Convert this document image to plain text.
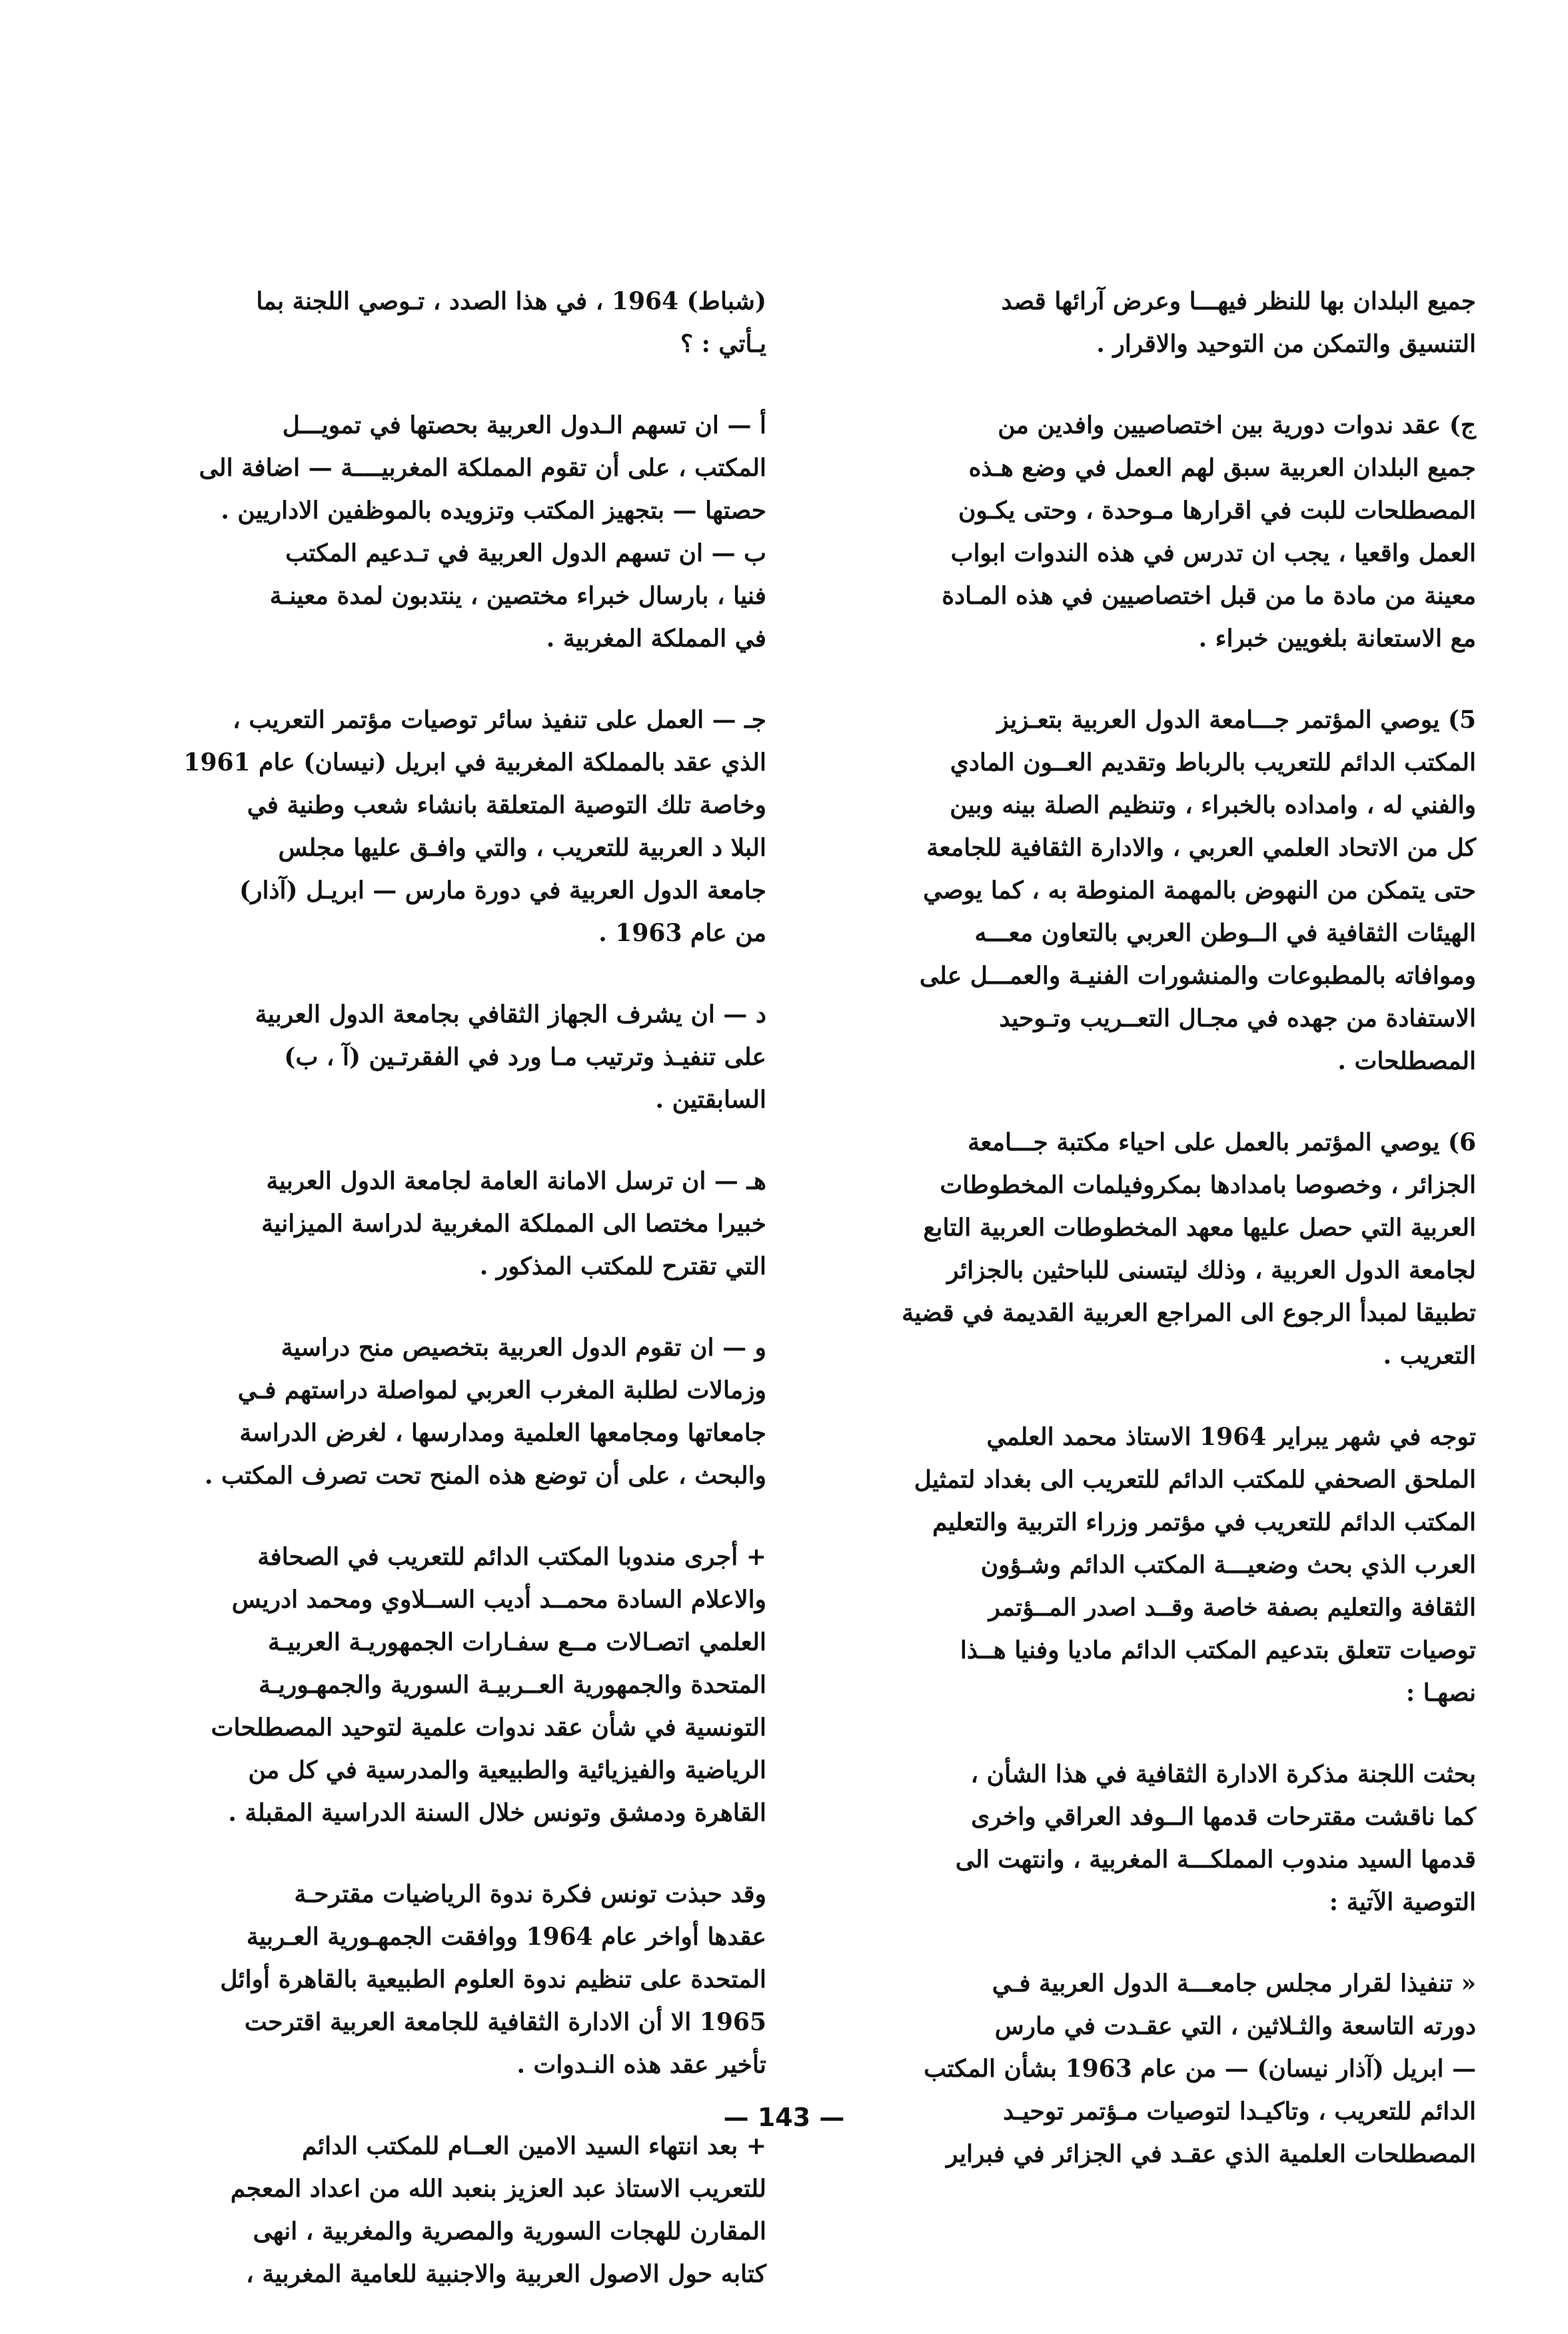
جميع البلدان بها للنظر فيهـــا وعرض آرائها قصد
التنسيق والتمكن من التوحيد والاقرار .

ج) عقد ندوات دورية بين اختصاصيين وافدين من
جميع البلدان العربية سبق لهم العمل في وضع هـذه
المصطلحات للبت في اقرارها مـوحدة ، وحتى يكـون
العمل واقعيا ، يجب ان تدرس في هذه الندوات ابواب
معينة من مادة ما من قبل اختصاصيين في هذه المـادة
مع الاستعانة بلغويين خبراء .

5) يوصي المؤتمر جـــامعة الدول العربية بتعـزيز
المكتب الدائم للتعريب بالرباط وتقديم العــون المادي
والفني له ، وامداده بالخبراء ، وتنظيم الصلة بينه وبين
كل من الاتحاد العلمي العربي ، والادارة الثقافية للجامعة
حتى يتمكن من النهوض بالمهمة المنوطة به ، كما يوصي
الهيئات الثقافية في الــوطن العربي بالتعاون معـــه
وموافاته بالمطبوعات والمنشورات الفنيـة والعمـــل على
الاستفادة من جهده في مجـال التعــريب وتـوحيد
المصطلحات .

6) يوصي المؤتمر بالعمل على احياء مكتبة جـــامعة
الجزائر ، وخصوصا بامدادها بمكروفيلمات المخطوطات
العربية التي حصل عليها معهد المخطوطات العربية التابع
لجامعة الدول العربية ، وذلك ليتسنى للباحثين بالجزائر
تطبيقا لمبدأ الرجوع الى المراجع العربية القديمة في قضية
التعريب .

توجه في شهر يبراير 1964 الاستاذ محمد العلمي
الملحق الصحفي للمكتب الدائم للتعريب الى بغداد لتمثيل
المكتب الدائم للتعريب في مؤتمر وزراء التربية والتعليم
العرب الذي بحث وضعيـــة المكتب الدائم وشـؤون
الثقافة والتعليم بصفة خاصة وقــد اصدر المــؤتمر
توصيات تتعلق بتدعيم المكتب الدائم ماديا وفنيا هــذا
نصهـا :

بحثت اللجنة مذكرة الادارة الثقافية في هذا الشأن ،
كما ناقشت مقترحات قدمها الــوفد العراقي واخرى
قدمها السيد مندوب المملكـــة المغربية ، وانتهت الى
التوصية الآتية :

« تنفيذا لقرار مجلس جامعـــة الدول العربية فـي
دورته التاسعة والثـلاثين ، التي عقـدت في مارس
— ابريل (آذار نيسان) — من عام 1963 بشأن المكتب
الدائم للتعريب ، وتاكيـدا لتوصيات مـؤتمر توحيـد
المصطلحات العلمية الذي عقـد في الجزائر في فبراير

(شباط) 1964 ، في هذا الصدد ، تـوصي اللجنة بما
يـأتي : ؟

أ — ان تسهم الـدول العربية بحصتها في تمويـــل
المكتب ، على أن تقوم المملكة المغربيــــة — اضافة الى
حصتها — بتجهيز المكتب وتزويده بالموظفين الاداريين .
ب — ان تسهم الدول العربية في تـدعيم المكتب
فنيا ، بارسال خبراء مختصين ، ينتدبون لمدة معينـة
في المملكة المغربية .

جـ — العمل على تنفيذ سائر توصيات مؤتمر التعريب ،
الذي عقد بالمملكة المغربية في ابريل (نيسان) عام 1961
وخاصة تلك التوصية المتعلقة بانشاء شعب وطنية في
البلا د العربية للتعريب ، والتي وافـق عليها مجلس
جامعة الدول العربية في دورة مارس — ابريـل (آذار)
من عام 1963 .

د — ان يشرف الجهاز الثقافي بجامعة الدول العربية
على تنفيـذ وترتيب مـا ورد في الفقرتـين (آ ، ب)
السابقتين .

هـ — ان ترسل الامانة العامة لجامعة الدول العربية
خبيرا مختصا الى المملكة المغربية لدراسة الميزانية
التي تقترح للمكتب المذكور .

و — ان تقوم الدول العربية بتخصيص منح دراسية
وزمالات لطلبة المغرب العربي لمواصلة دراستهم فـي
جامعاتها ومجامعها العلمية ومدارسها ، لغرض الدراسة
والبحث ، على أن توضع هذه المنح تحت تصرف المكتب .

+ أجرى مندوبا المكتب الدائم للتعريب في الصحافة
والاعلام السادة محمــد أديب الســلاوي ومحمد ادريس
العلمي اتصـالات مــع سفـارات الجمهوريـة العربيـة
المتحدة والجمهورية العــربيـة السورية والجمهـوريـة
التونسية في شأن عقد ندوات علمية لتوحيد المصطلحات
الرياضية والفيزيائية والطبيعية والمدرسية في كل من
القاهرة ودمشق وتونس خلال السنة الدراسية المقبلة .

وقد حبذت تونس فكرة ندوة الرياضيات مقترحـة
عقدها أواخر عام 1964 ووافقت الجمهـورية العـربية
المتحدة على تنظيم ندوة العلوم الطبيعية بالقاهرة أوائل
1965 الا أن الادارة الثقافية للجامعة العربية اقترحت
تأخير عقد هذه النـدوات .

+ بعد انتهاء السيد الامين العــام للمكتب الدائم
للتعريب الاستاذ عبد العزيز بنعبد الله من اعداد المعجم
المقارن للهجات السورية والمصرية والمغربية ، انهى
كتابه حول الاصول العربية والاجنبية للعامية المغربية ،

— 143 —
